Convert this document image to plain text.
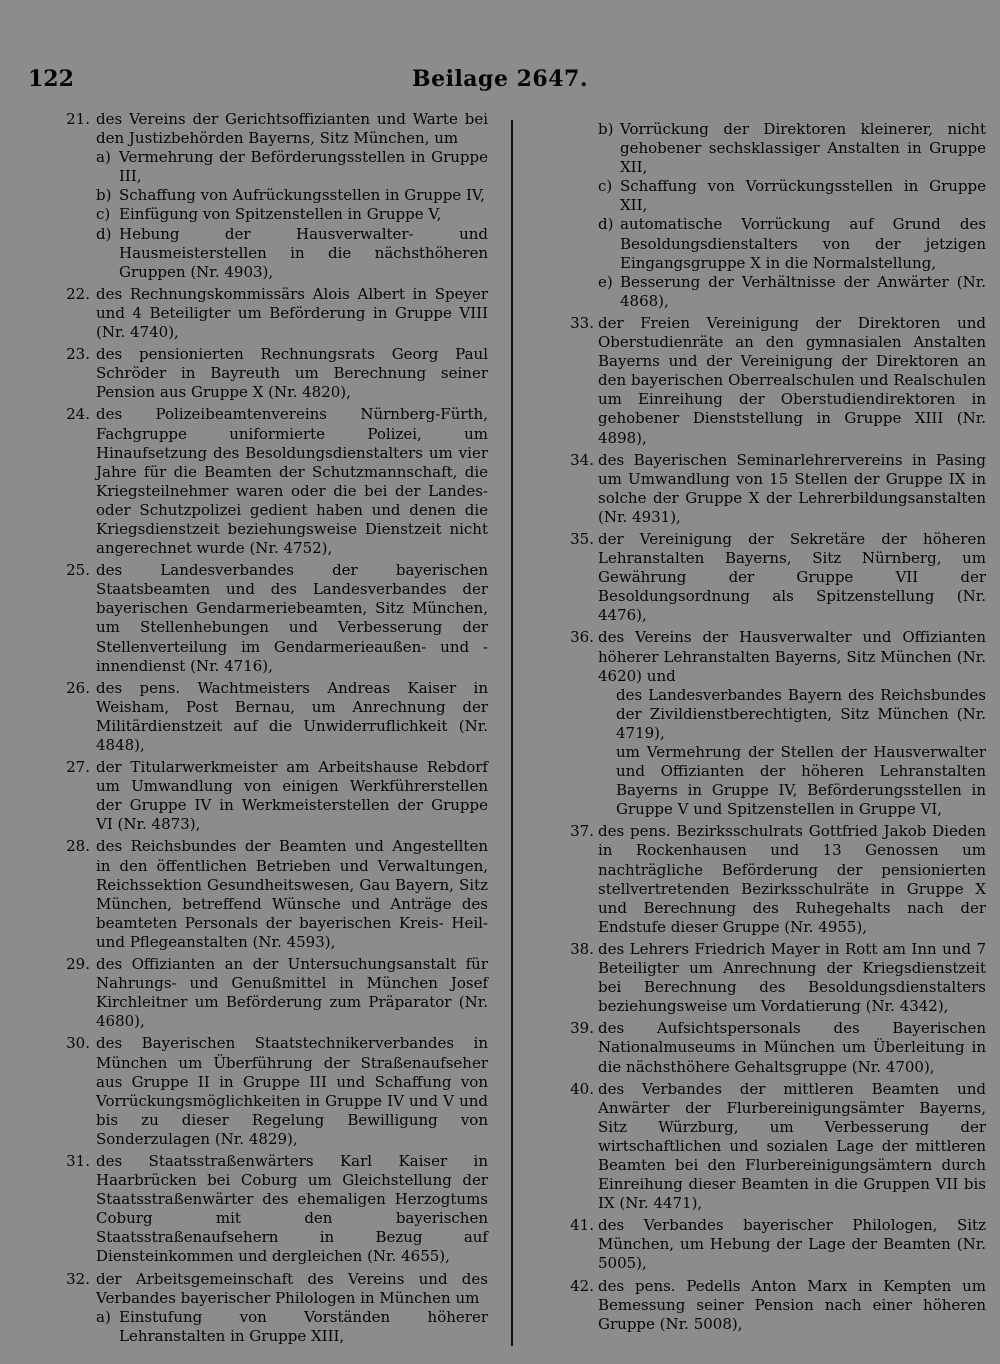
122	Beilage 2647.
21. des Vereins der Gerichtsoffizianten und Warte bei den Justizbehörden Bayerns, Sitz München, um
a) Vermehrung der Beförderungsstellen in Gruppe III,
b) Schaffung von Aufrückungsstellen in Gruppe IV,
c) Einfügung von Spitzenstellen in Gruppe V,
d) Hebung der Hausverwalter- und Hausmeisterstellen in die nächsthöheren Gruppen (Nr. 4903),
22. des Rechnungskommissärs Alois Albert in Speyer und 4 Beteiligter um Beförderung in Gruppe VIII (Nr. 4740),
23. des pensionierten Rechnungsrats Georg Paul Schröder in Bayreuth um Berechnung seiner Pension aus Gruppe X (Nr. 4820),
24. des Polizeibeamtenvereins Nürnberg-Fürth, Fachgruppe uniformierte Polizei, um Hinaufsetzung des Besoldungsdienstalters um vier Jahre für die Beamten der Schutzmannschaft, die Kriegsteilnehmer waren oder die bei der Landes- oder Schutzpolizei gedient haben und denen die Kriegsdienstzeit beziehungsweise Dienstzeit nicht angerechnet wurde (Nr. 4752),
25. des Landesverbandes der bayerischen Staatsbeamten und des Landesverbandes der bayerischen Gendarmeriebeamten, Sitz München, um Stellenhebungen und Verbesserung der Stellenverteilung im Gendarmerieaußen- und -innendienst (Nr. 4716),
26. des pens. Wachtmeisters Andreas Kaiser in Weisham, Post Bernau, um Anrechnung der Militärdienstzeit auf die Unwiderruflichkeit (Nr. 4848),
27. der Titularwerkmeister am Arbeitshause Rebdorf um Umwandlung von einigen Werkführerstellen der Gruppe IV in Werkmeisterstellen der Gruppe VI (Nr. 4873),
28. des Reichsbundes der Beamten und Angestellten in den öffentlichen Betrieben und Verwaltungen, Reichssektion Gesundheitswesen, Gau Bayern, Sitz München, betreffend Wünsche und Anträge des beamteten Personals der bayerischen Kreis- Heil- und Pflegeanstalten (Nr. 4593),
29. des Offizianten an der Untersuchungsanstalt für Nahrungs- und Genußmittel in München Josef Kirchleitner um Beförderung zum Präparator (Nr. 4680),
30. des Bayerischen Staatstechnikerverbandes in München um Überführung der Straßenaufseher aus Gruppe II in Gruppe III und Schaffung von Vorrückungsmöglichkeiten in Gruppe IV und V und bis zu dieser Regelung Bewilligung von Sonderzulagen (Nr. 4829),
31. des Staatsstraßenwärters Karl Kaiser in Haarbrücken bei Coburg um Gleichstellung der Staatsstraßenwärter des ehemaligen Herzogtums Coburg mit den bayerischen Staatsstraßenaufsehern in Bezug auf Diensteinkommen und dergleichen (Nr. 4655),
32. der Arbeitsgemeinschaft des Vereins und des Verbandes bayerischer Philologen in München um
a) Einstufung von Vorständen höherer Lehranstalten in Gruppe XIII,
b) Vorrückung der Direktoren kleinerer, nicht gehobener sechsklassiger Anstalten in Gruppe XII,
c) Schaffung von Vorrückungsstellen in Gruppe XII,
d) automatische Vorrückung auf Grund des Besoldungsdienstalters von der jetzigen Eingangsgruppe X in die Normalstellung,
e) Besserung der Verhältnisse der Anwärter (Nr. 4868),
33. der Freien Vereinigung der Direktoren und Oberstudienräte an den gymnasialen Anstalten Bayerns und der Vereinigung der Direktoren an den bayerischen Oberrealschulen und Realschulen um Einreihung der Oberstudiendirektoren in gehobener Dienststellung in Gruppe XIII (Nr. 4898),
34. des Bayerischen Seminarlehrervereins in Pasing um Umwandlung von 15 Stellen der Gruppe IX in solche der Gruppe X der Lehrerbildungsanstalten (Nr. 4931),
35. der Vereinigung der Sekretäre der höheren Lehranstalten Bayerns, Sitz Nürnberg, um Gewährung der Gruppe VII der Besoldungsordnung als Spitzenstellung (Nr. 4476),
36. des Vereins der Hausverwalter und Offizianten höherer Lehranstalten Bayerns, Sitz München (Nr. 4620) und
des Landesverbandes Bayern des Reichsbundes der Zivildienstberechtigten, Sitz München (Nr. 4719),
um Vermehrung der Stellen der Hausverwalter und Offizianten der höheren Lehranstalten Bayerns in Gruppe IV, Beförderungsstellen in Gruppe V und Spitzenstellen in Gruppe VI,
37. des pens. Bezirksschulrats Gottfried Jakob Dieden in Rockenhausen und 13 Genossen um nachträgliche Beförderung der pensionierten stellvertretenden Bezirksschulräte in Gruppe X und Berechnung des Ruhegehalts nach der Endstufe dieser Gruppe (Nr. 4955),
38. des Lehrers Friedrich Mayer in Rott am Inn und 7 Beteiligter um Anrechnung der Kriegsdienstzeit bei Berechnung des Besoldungsdienstalters beziehungsweise um Vordatierung (Nr. 4342),
39. des Aufsichtspersonals des Bayerischen Nationalmuseums in München um Überleitung in die nächsthöhere Gehaltsgruppe (Nr. 4700),
40. des Verbandes der mittleren Beamten und Anwärter der Flurbereinigungsämter Bayerns, Sitz Würzburg, um Verbesserung der wirtschaftlichen und sozialen Lage der mittleren Beamten bei den Flurbereinigungsämtern durch Einreihung dieser Beamten in die Gruppen VII bis IX (Nr. 4471),
41. des Verbandes bayerischer Philologen, Sitz München, um Hebung der Lage der Beamten (Nr. 5005),
42. des pens. Pedells Anton Marx in Kempten um Bemessung seiner Pension nach einer höheren Gruppe (Nr. 5008),
